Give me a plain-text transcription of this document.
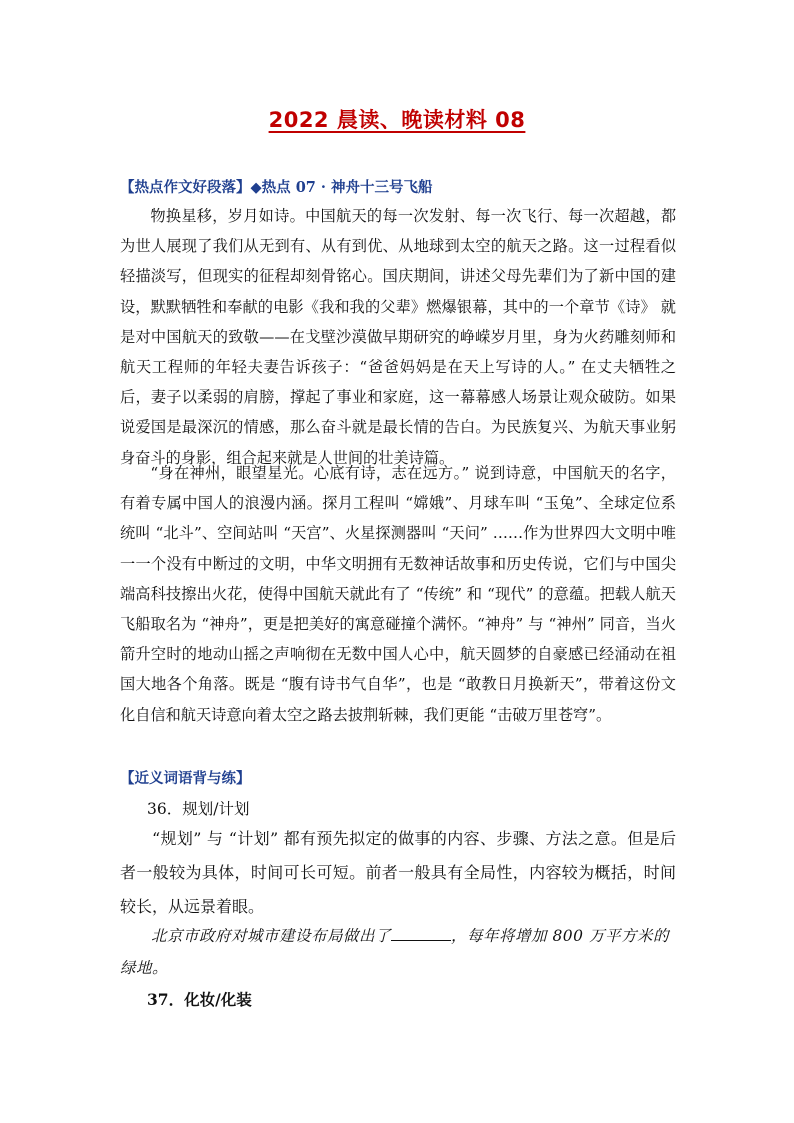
2022 晨读、晚读材料 08
【热点作文好段落】◆热点 07 · 神舟十三号飞船

物换星移，岁月如诗。中国航天的每一次发射、每一次飞行、每一次超越，都为世人展现了我们从无到有、从有到优、从地球到太空的航天之路。这一过程看似轻描淡写，但现实的征程却刻骨铭心。国庆期间，讲述父母先辈们为了新中国的建设，默默牺牲和奉献的电影《我和我的父辈》燃爆银幕，其中的一个章节《诗》 就是对中国航天的致敬——在戈壁沙漠做早期研究的峥嵘岁月里，身为火药雕刻师和航天工程师的年轻夫妻告诉孩子：“爸爸妈妈是在天上写诗的人。” 在丈夫牺牲之后，妻子以柔弱的肩膀，撑起了事业和家庭，这一幕幕感人场景让观众破防。如果说爱国是最深沉的情感，那么奋斗就是最长情的告白。为民族复兴、为航天事业躬身奋斗的身影，组合起来就是人世间的壮美诗篇。

“身在神州，眼望星光。心底有诗，志在远方。” 说到诗意，中国航天的名字，有着专属中国人的浪漫内涵。探月工程叫 “嫦娥”、月球车叫 “玉兔”、全球定位系统叫 “北斗”、空间站叫 “天宫”、火星探测器叫 “天问” ……作为世界四大文明中唯一一个没有中断过的文明，中华文明拥有无数神话故事和历史传说，它们与中国尖端高科技擦出火花，使得中国航天就此有了 “传统” 和 “现代” 的意蕴。把载人航天飞船取名为 “神舟”，更是把美好的寓意碰撞个满怀。“神舟” 与 “神州” 同音，当火箭升空时的地动山摇之声响彻在无数中国人心中，航天圆梦的自豪感已经涌动在祖国大地各个角落。既是 “腹有诗书气自华”，也是 “敢教日月换新天”，带着这份文化自信和航天诗意向着太空之路去披荆斩棘，我们更能 “击破万里苍穹”。

【近义词语背与练】
36．规划/计划

“规划” 与 “计划” 都有预先拟定的做事的内容、步骤、方法之意。但是后者一般较为具体，时间可长可短。前者一般具有全局性，内容较为概括，时间较长，从远景着眼。

北京市政府对城市建设布局做出了	，每年将增加 800 万平方米的绿地。

37．化妆/化装
